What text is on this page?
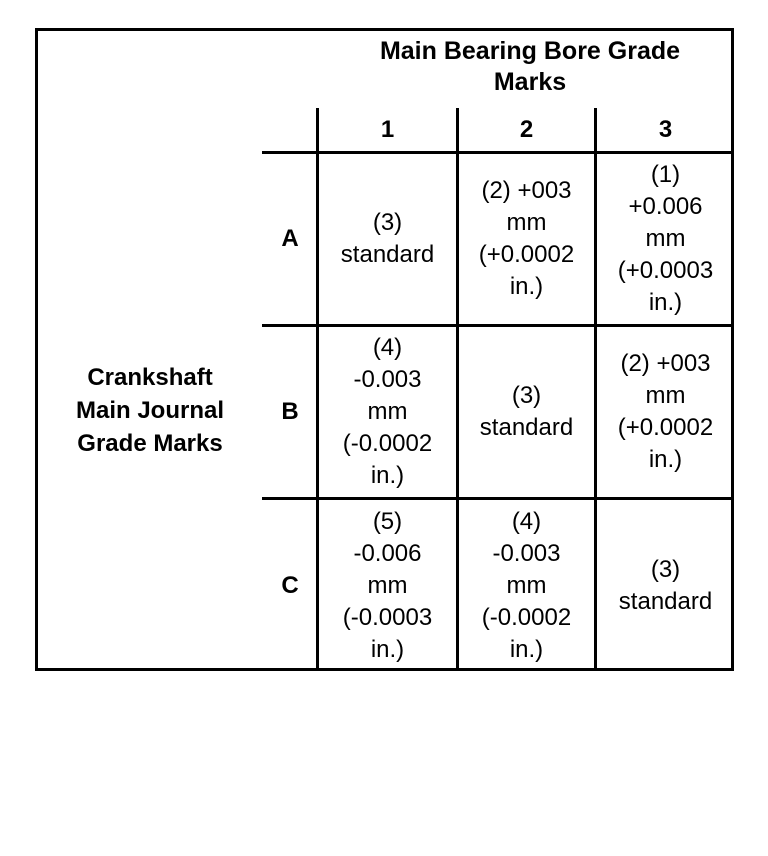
Main Bearing Bore Grade
Marks
Crankshaft
Main Journal
Grade Marks
1	2	3
A
B
C
(3)
standard
(2) +003
mm
(+0.0002
in.)
(1)
+0.006
mm
(+0.0003
in.)
(4)
-0.003
mm
(-0.0002
in.)
(3)
standard
(2) +003
mm
(+0.0002
in.)
(5)
-0.006
mm
(-0.0003
in.)
(4)
-0.003
mm
(-0.0002
in.)
(3)
standard
